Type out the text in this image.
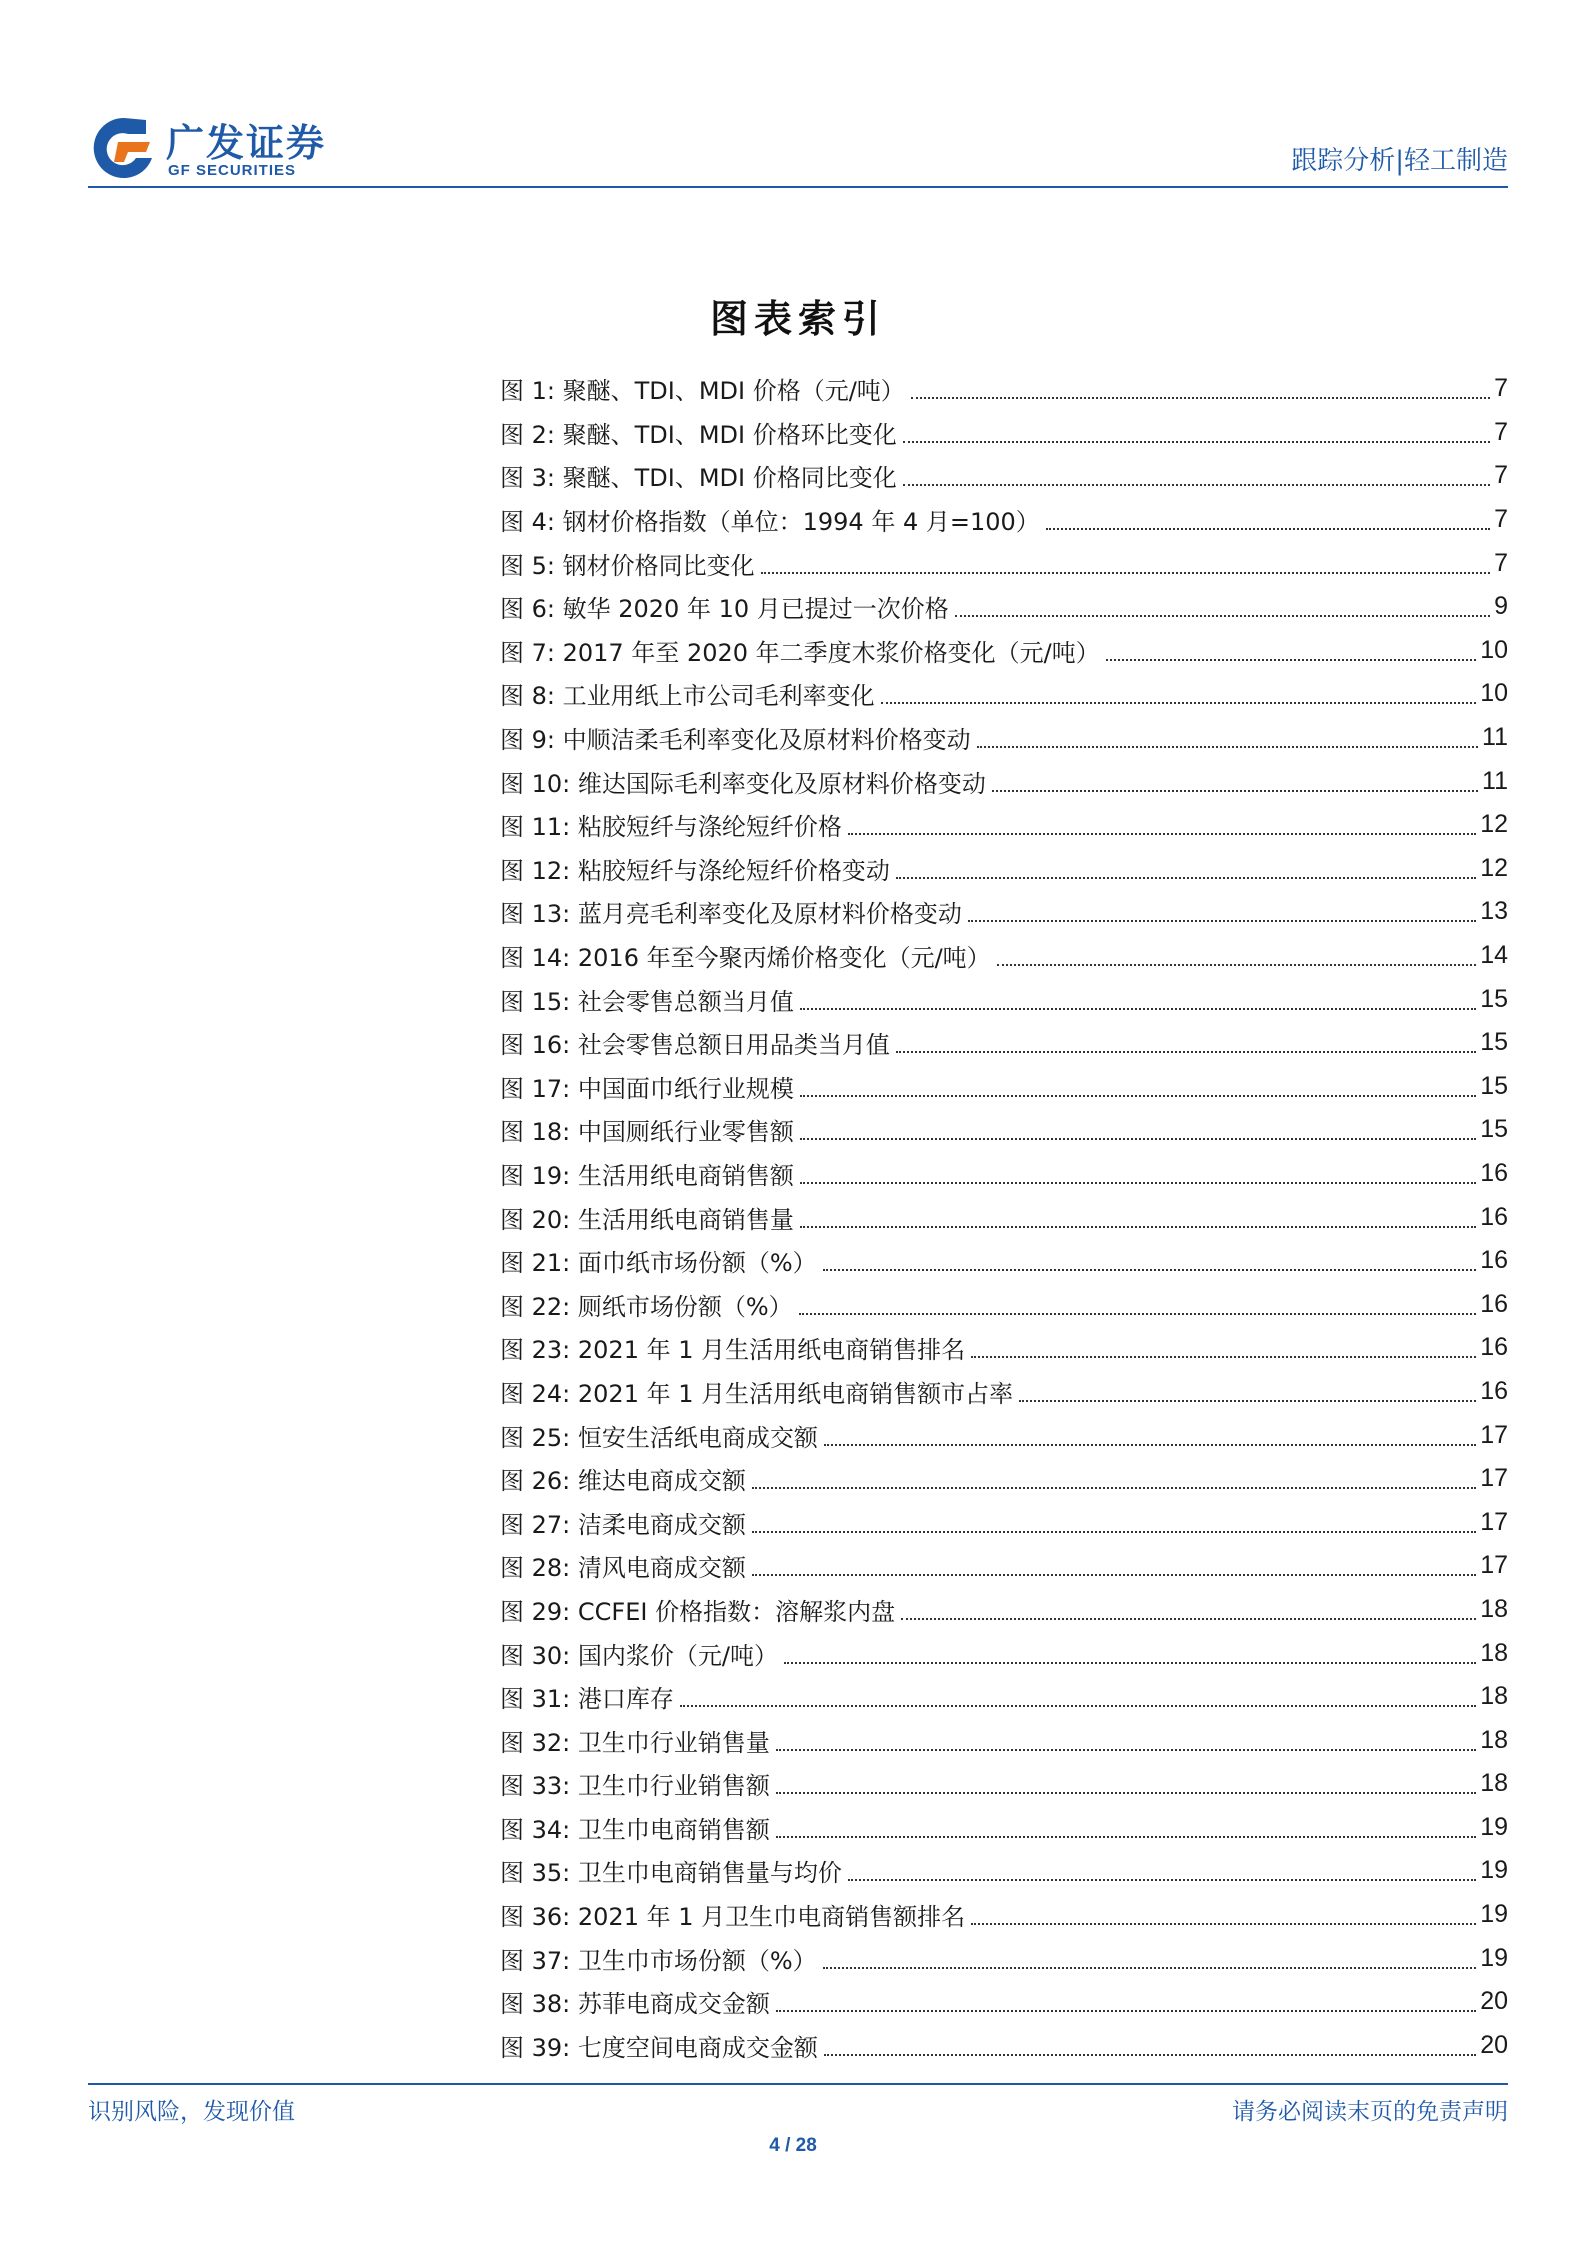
广发证券
GF SECURITIES	跟踪分析|轻工制造
图表索引
图 1: 聚醚、TDI、MDI 价格（元/吨）	7
图 2: 聚醚、TDI、MDI 价格环比变化	7
图 3: 聚醚、TDI、MDI 价格同比变化	7
图 4: 钢材价格指数（单位：1994 年 4 月=100）	7
图 5: 钢材价格同比变化	7
图 6: 敏华 2020 年 10 月已提过一次价格	9
图 7: 2017 年至 2020 年二季度木浆价格变化（元/吨）	10
图 8: 工业用纸上市公司毛利率变化	10
图 9: 中顺洁柔毛利率变化及原材料价格变动	11
图 10: 维达国际毛利率变化及原材料价格变动	11
图 11: 粘胶短纤与涤纶短纤价格	12
图 12: 粘胶短纤与涤纶短纤价格变动	12
图 13: 蓝月亮毛利率变化及原材料价格变动	13
图 14: 2016 年至今聚丙烯价格变化（元/吨）	14
图 15: 社会零售总额当月值	15
图 16: 社会零售总额日用品类当月值	15
图 17: 中国面巾纸行业规模	15
图 18: 中国厕纸行业零售额	15
图 19: 生活用纸电商销售额	16
图 20: 生活用纸电商销售量	16
图 21: 面巾纸市场份额（%）	16
图 22: 厕纸市场份额（%）	16
图 23: 2021 年 1 月生活用纸电商销售排名	16
图 24: 2021 年 1 月生活用纸电商销售额市占率	16
图 25: 恒安生活纸电商成交额	17
图 26: 维达电商成交额	17
图 27: 洁柔电商成交额	17
图 28: 清风电商成交额	17
图 29: CCFEI 价格指数：溶解浆内盘	18
图 30: 国内浆价（元/吨）	18
图 31: 港口库存	18
图 32: 卫生巾行业销售量	18
图 33: 卫生巾行业销售额	18
图 34: 卫生巾电商销售额	19
图 35: 卫生巾电商销售量与均价	19
图 36: 2021 年 1 月卫生巾电商销售额排名	19
图 37: 卫生巾市场份额（%）	19
图 38: 苏菲电商成交金额	20
图 39: 七度空间电商成交金额	20
识别风险，发现价值	请务必阅读末页的免责声明
4 / 28
